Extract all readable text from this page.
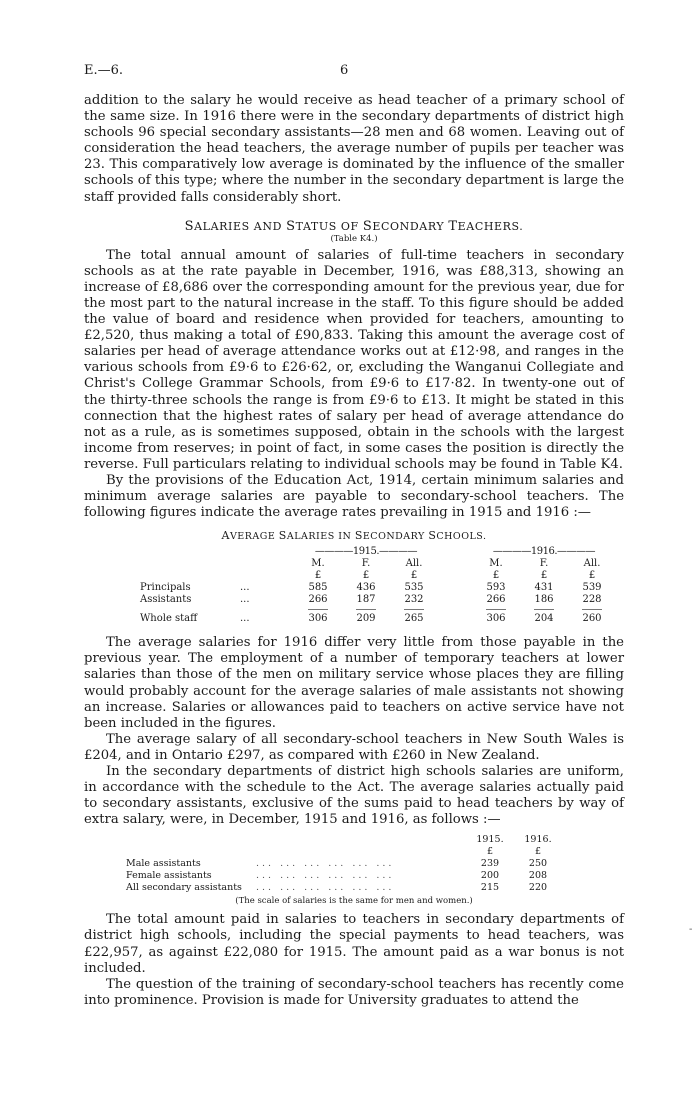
E.—6.	6

addition to the salary he would receive as head teacher of a primary school of the same size. In 1916 there were in the secondary departments of district high schools 96 special secondary assistants—28 men and 68 women. Leaving out of consideration the head teachers, the average number of pupils per teacher was 23. This comparatively low average is dominated by the influence of the smaller schools of this type; where the number in the secondary department is large the staff provided falls considerably short.

SALARIES AND STATUS OF SECONDARY TEACHERS.
(Table K4.)

The total annual amount of salaries of full-time teachers in secondary schools as at the rate payable in December, 1916, was £88,313, showing an increase of £8,686 over the corresponding amount for the previous year, due for the most part to the natural increase in the staff. To this figure should be added the value of board and residence when provided for teachers, amounting to £2,520, thus making a total of £90,833. Taking this amount the average cost of salaries per head of average attendance works out at £12·98, and ranges in the various schools from £9·6 to £26·62, or, excluding the Wanganui Collegiate and Christ's College Grammar Schools, from £9·6 to £17·82. In twenty-one out of the thirty-three schools the range is from £9·6 to £13. It might be stated in this connection that the highest rates of salary per head of average attendance do not as a rule, as is sometimes supposed, obtain in the schools with the largest income from reserves; in point of fact, in some cases the position is directly the reverse. Full particulars relating to individual schools may be found in Table K4.

By the provisions of the Education Act, 1914, certain minimum salaries and minimum average salaries are payable to secondary-school teachers. The following figures indicate the average rates prevailing in 1915 and 1916 :—

AVERAGE SALARIES IN SECONDARY SCHOOLS.
		————1915.————				————1916.————		
		M.	F.	All.		M.	F.	All.
		£	£	£		£	£	£
Principals	...	585	436	535		593	431	539
Assistants	...	266	187	232		266	186	228

Whole staff	...	306	209	265		306	204	260

The average salaries for 1916 differ very little from those payable in the previous year. The employment of a number of temporary teachers at lower salaries than those of the men on military service whose places they are filling would probably account for the average salaries of male assistants not showing an increase. Salaries or allowances paid to teachers on active service have not been included in the figures.

The average salary of all secondary-school teachers in New South Wales is £204, and in Ontario £297, as compared with £260 in New Zealand.

In the secondary departments of district high schools salaries are uniform, in accordance with the schedule to the Act. The average salaries actually paid to secondary assistants, exclusive of the sums paid to head teachers by way of extra salary, were, in December, 1915 and 1916, as follows :—

		1915.	1916.
		£	£
Male assistants	... ... ... ... ... ...	239	250
Female assistants	... ... ... ... ... ...	200	208
All secondary assistants	... ... ... ... ... ...	215	220
(The scale of salaries is the same for men and women.)

The total amount paid in salaries to teachers in secondary departments of district high schools, including the special payments to head teachers, was £22,957, as against £22,080 for 1915. The amount paid as a war bonus is not included.

The question of the training of secondary-school teachers has recently come into prominence. Provision is made for University graduates to attend the

-
